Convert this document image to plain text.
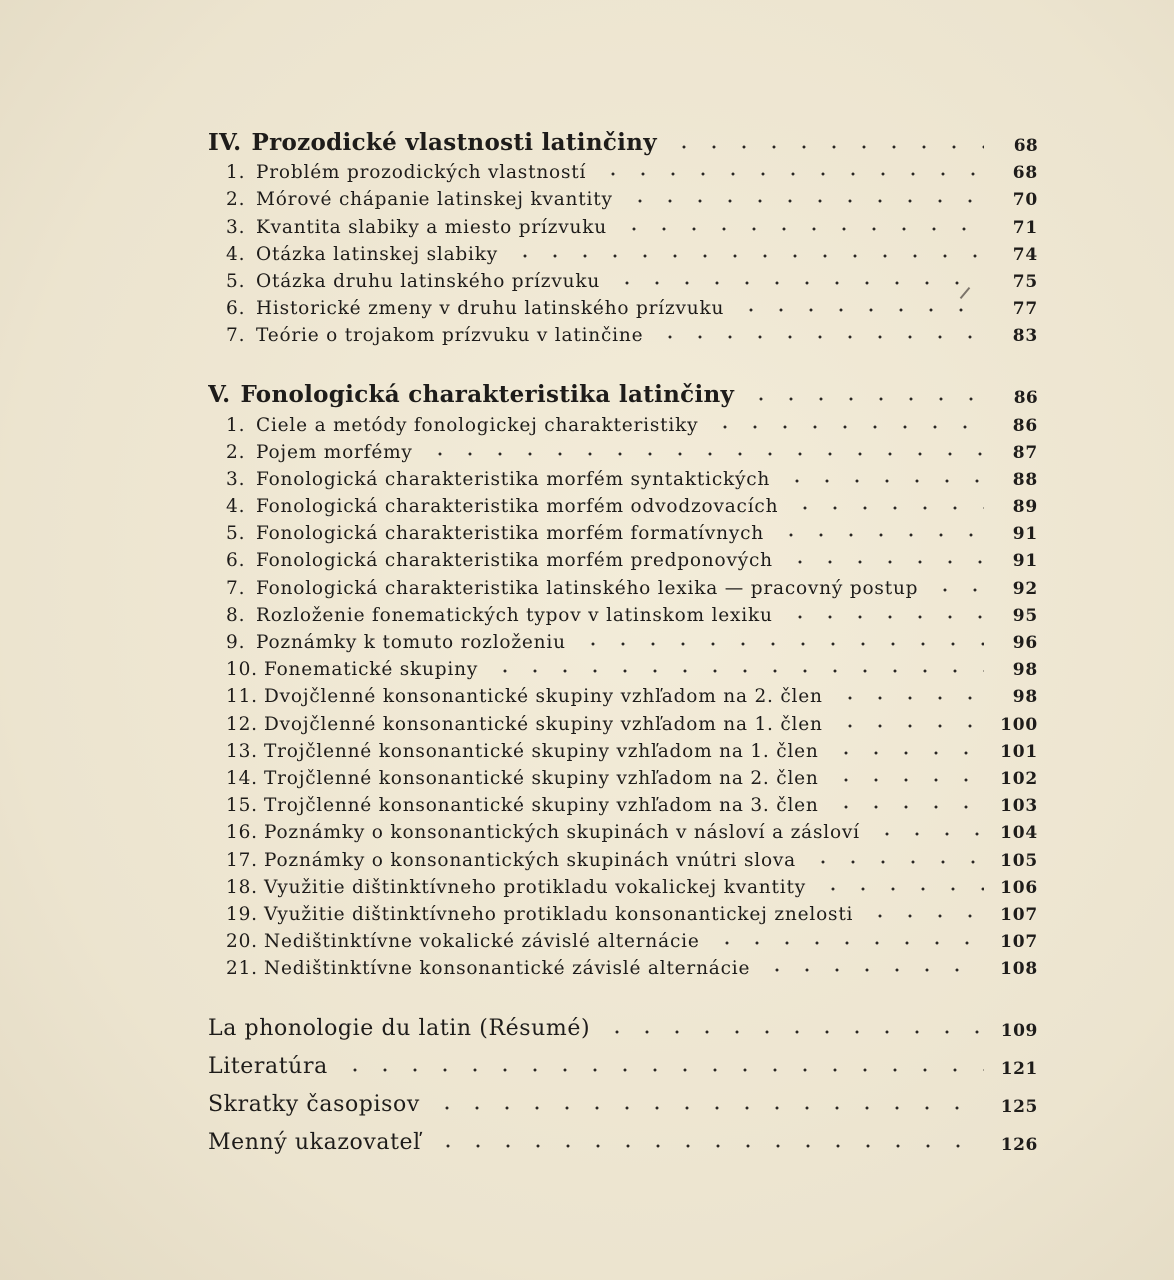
IV. Prozodické vlastnosti latinčiny	68
1. Problém prozodických vlastností	68
2. Mórové chápanie latinskej kvantity	70
3. Kvantita slabiky a miesto prízvuku	71
4. Otázka latinskej slabiky	74
5. Otázka druhu latinského prízvuku	75
6. Historické zmeny v druhu latinského prízvuku	77
7. Teórie o trojakom prízvuku v latinčine	83
V. Fonologická charakteristika latinčiny	86
1. Ciele a metódy fonologickej charakteristiky	86
2. Pojem morfémy	87
3. Fonologická charakteristika morfém syntaktických	88
4. Fonologická charakteristika morfém odvodzovacích	89
5. Fonologická charakteristika morfém formatívnych	91
6. Fonologická charakteristika morfém predponových	91
7. Fonologická charakteristika latinského lexika — pracovný postup	92
8. Rozloženie fonematických typov v latinskom lexiku	95
9. Poznámky k tomuto rozloženiu	96
10. Fonematické skupiny	98
11. Dvojčlenné konsonantické skupiny vzhľadom na 2. člen	98
12. Dvojčlenné konsonantické skupiny vzhľadom na 1. člen	100
13. Trojčlenné konsonantické skupiny vzhľadom na 1. člen	101
14. Trojčlenné konsonantické skupiny vzhľadom na 2. člen	102
15. Trojčlenné konsonantické skupiny vzhľadom na 3. člen	103
16. Poznámky o konsonantických skupinách v násloví a zásloví	104
17. Poznámky o konsonantických skupinách vnútri slova	105
18. Využitie dištinktívneho protikladu vokalickej kvantity	106
19. Využitie dištinktívneho protikladu konsonantickej znelosti	107
20. Nedištinktívne vokalické závislé alternácie	107
21. Nedištinktívne konsonantické závislé alternácie	108
La phonologie du latin (Résumé)	109
Literatúra	121
Skratky časopisov	125
Menný ukazovateľ	126
